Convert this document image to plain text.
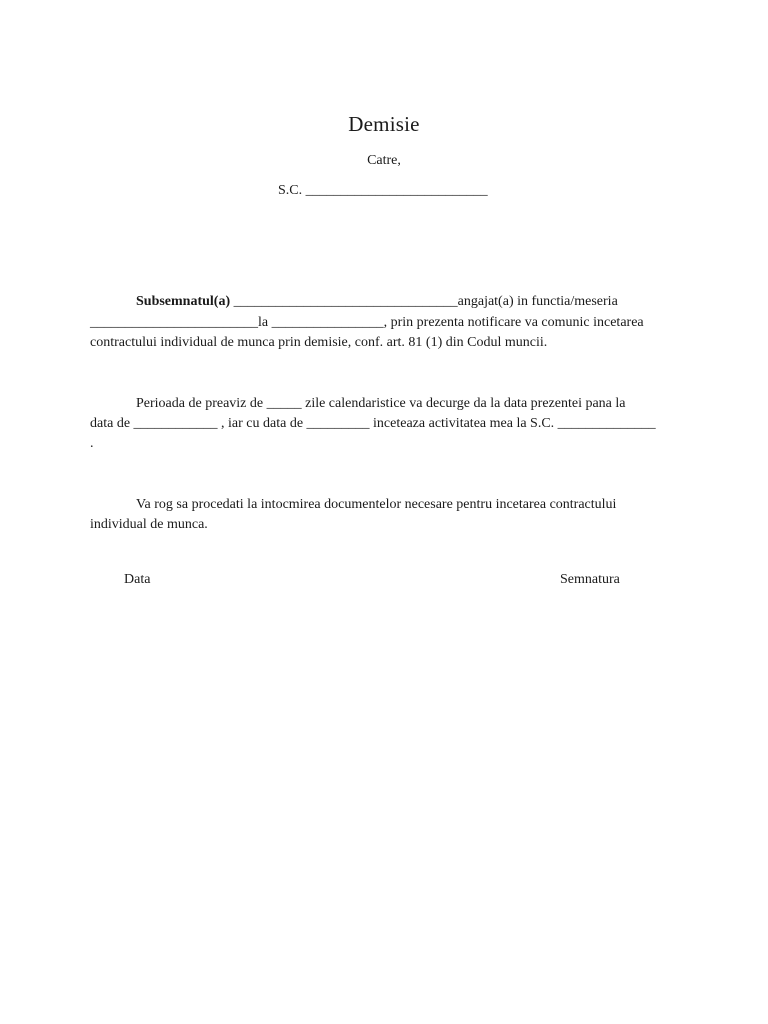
Demisie
Catre,
S.C. __________________________
Subsemnatul(a) ________________________________angajat(a) in functia/meseria
________________________la ________________, prin prezenta notificare va comunic incetarea
contractului individual de munca prin demisie, conf. art. 81 (1) din Codul muncii.
Perioada de preaviz de _____ zile calendaristice va decurge da la data prezentei pana la
data de ____________ , iar cu data de _________ inceteaza activitatea mea la S.C. ______________
.
Va rog sa procedati la intocmirea documentelor necesare pentru incetarea contractului
individual de munca.
Data	Semnatura
